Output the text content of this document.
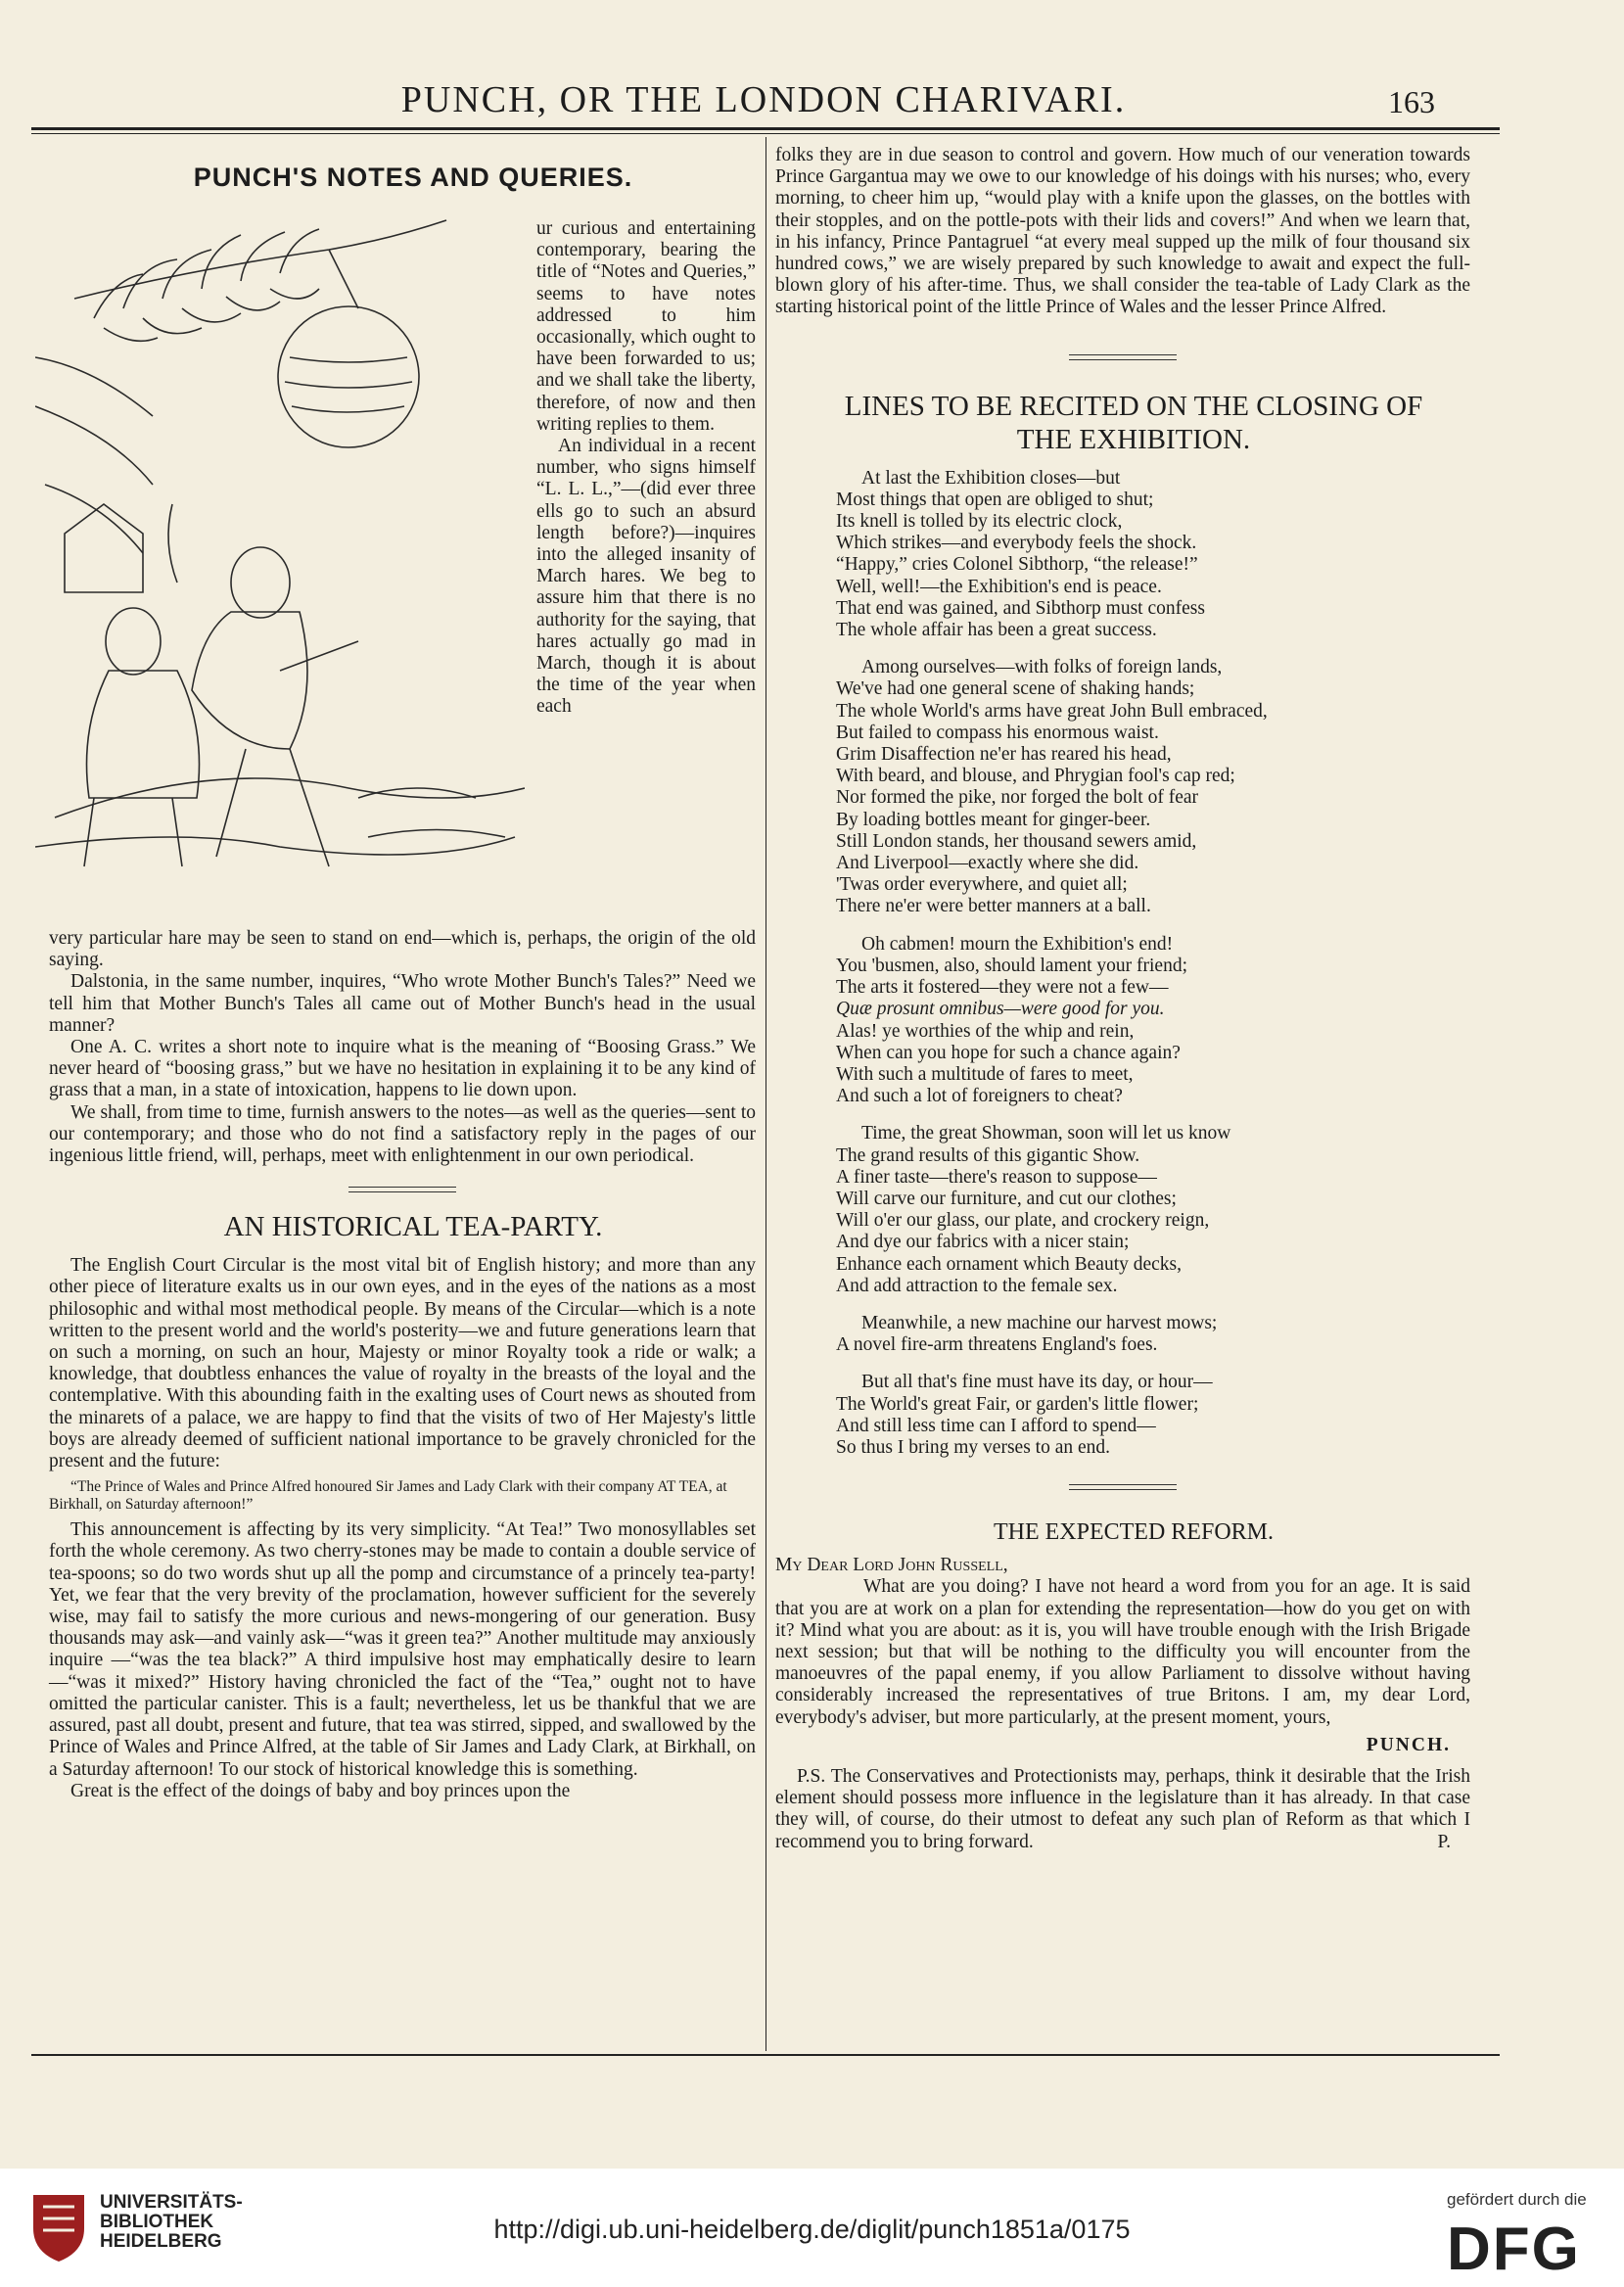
PUNCH, OR THE LONDON CHARIVARI.	163

PUNCH'S NOTES AND QUERIES.

ur curious and entertaining contemporary, bearing the title of “Notes and Queries,” seems to have notes addressed to him occasionally, which ought to have been forwarded to us; and we shall take the liberty, therefore, of now and then writing replies to them.

An individual in a recent number, who signs himself “L. L. L.,”—(did ever three ells go to such an absurd length before?)—inquires into the alleged insanity of March hares. We beg to assure him that there is no authority for the saying, that hares actually go mad in March, though it is about the time of the year when each

very particular hare may be seen to stand on end—which is, perhaps, the origin of the old saying.

Dalstonia, in the same number, inquires, “Who wrote Mother Bunch's Tales?” Need we tell him that Mother Bunch's Tales all came out of Mother Bunch's head in the usual manner?

One A. C. writes a short note to inquire what is the meaning of “Boosing Grass.” We never heard of “boosing grass,” but we have no hesitation in explaining it to be any kind of grass that a man, in a state of intoxication, happens to lie down upon.

We shall, from time to time, furnish answers to the notes—as well as the queries—sent to our contemporary; and those who do not find a satisfactory reply in the pages of our ingenious little friend, will, perhaps, meet with enlightenment in our own periodical.

AN HISTORICAL TEA-PARTY.

The English Court Circular is the most vital bit of English history; and more than any other piece of literature exalts us in our own eyes, and in the eyes of the nations as a most philosophic and withal most methodical people. By means of the Circular—which is a note written to the present world and the world's posterity—we and future generations learn that on such a morning, on such an hour, Majesty or minor Royalty took a ride or walk; a knowledge, that doubtless enhances the value of royalty in the breasts of the loyal and the contemplative. With this abounding faith in the exalting uses of Court news as shouted from the minarets of a palace, we are happy to find that the visits of two of Her Majesty's little boys are already deemed of sufficient national importance to be gravely chronicled for the present and the future:

“The Prince of Wales and Prince Alfred honoured Sir James and Lady Clark with their company AT TEA, at Birkhall, on Saturday afternoon!”

This announcement is affecting by its very simplicity. “At Tea!” Two monosyllables set forth the whole ceremony. As two cherry-stones may be made to contain a double service of tea-spoons; so do two words shut up all the pomp and circumstance of a princely tea-party! Yet, we fear that the very brevity of the proclamation, however sufficient for the severely wise, may fail to satisfy the more curious and news-mongering of our generation. Busy thousands may ask—and vainly ask—“was it green tea?” Another multitude may anxiously inquire —“was the tea black?” A third impulsive host may emphatically desire to learn—“was it mixed?” History having chronicled the fact of the “Tea,” ought not to have omitted the particular canister. This is a fault; nevertheless, let us be thankful that we are assured, past all doubt, present and future, that tea was stirred, sipped, and swallowed by the Prince of Wales and Prince Alfred, at the table of Sir James and Lady Clark, at Birkhall, on a Saturday afternoon! To our stock of historical knowledge this is something.

Great is the effect of the doings of baby and boy princes upon the

folks they are in due season to control and govern. How much of our veneration towards Prince Gargantua may we owe to our knowledge of his doings with his nurses; who, every morning, to cheer him up, “would play with a knife upon the glasses, on the bottles with their stopples, and on the pottle-pots with their lids and covers!” And when we learn that, in his infancy, Prince Pantagruel “at every meal supped up the milk of four thousand six hundred cows,” we are wisely prepared by such knowledge to await and expect the full-blown glory of his after-time. Thus, we shall consider the tea-table of Lady Clark as the starting historical point of the little Prince of Wales and the lesser Prince Alfred.

LINES TO BE RECITED ON THE CLOSING OF

THE EXHIBITION.

At last the Exhibition closes—but
Most things that open are obliged to shut;
Its knell is tolled by its electric clock,
Which strikes—and everybody feels the shock.
“Happy,” cries Colonel Sibthorp, “the release!”
Well, well!—the Exhibition's end is peace.
That end was gained, and Sibthorp must confess
The whole affair has been a great success.
Among ourselves—with folks of foreign lands,
We've had one general scene of shaking hands;
The whole World's arms have great John Bull embraced,
But failed to compass his enormous waist.
Grim Disaffection ne'er has reared his head,
With beard, and blouse, and Phrygian fool's cap red;
Nor formed the pike, nor forged the bolt of fear
By loading bottles meant for ginger-beer.
Still London stands, her thousand sewers amid,
And Liverpool—exactly where she did.
'Twas order everywhere, and quiet all;
There ne'er were better manners at a ball.
Oh cabmen! mourn the Exhibition's end!
You 'busmen, also, should lament your friend;
The arts it fostered—they were not a few—
Quæ prosunt omnibus—were good for you.
Alas! ye worthies of the whip and rein,
When can you hope for such a chance again?
With such a multitude of fares to meet,
And such a lot of foreigners to cheat?
Time, the great Showman, soon will let us know
The grand results of this gigantic Show.
A finer taste—there's reason to suppose—
Will carve our furniture, and cut our clothes;
Will o'er our glass, our plate, and crockery reign,
And dye our fabrics with a nicer stain;
Enhance each ornament which Beauty decks,
And add attraction to the female sex.
Meanwhile, a new machine our harvest mows;
A novel fire-arm threatens England's foes.
But all that's fine must have its day, or hour—
The World's great Fair, or garden's little flower;
And still less time can I afford to spend—
So thus I bring my verses to an end.

THE EXPECTED REFORM.

My Dear Lord John Russell,

What are you doing? I have not heard a word from you for an age. It is said that you are at work on a plan for extending the representation—how do you get on with it? Mind what you are about: as it is, you will have trouble enough with the Irish Brigade next session; but that will be nothing to the difficulty you will encounter from the manoeuvres of the papal enemy, if you allow Parliament to dissolve without having considerably increased the representatives of true Britons. I am, my dear Lord, everybody's adviser, but more particularly, at the present moment, yours,

PUNCH.

P.S. The Conservatives and Protectionists may, perhaps, think it desirable that the Irish element should possess more influence in the legislature than it has already. In that case they will, of course, do their utmost to defeat any such plan of Reform as that which I recommend you to bring forward.	P.

UNIVERSITÄTS-
BIBLIOTHEK
HEIDELBERG	http://digi.ub.uni-heidelberg.de/diglit/punch1851a/0175
gefördert durch die
DFG
